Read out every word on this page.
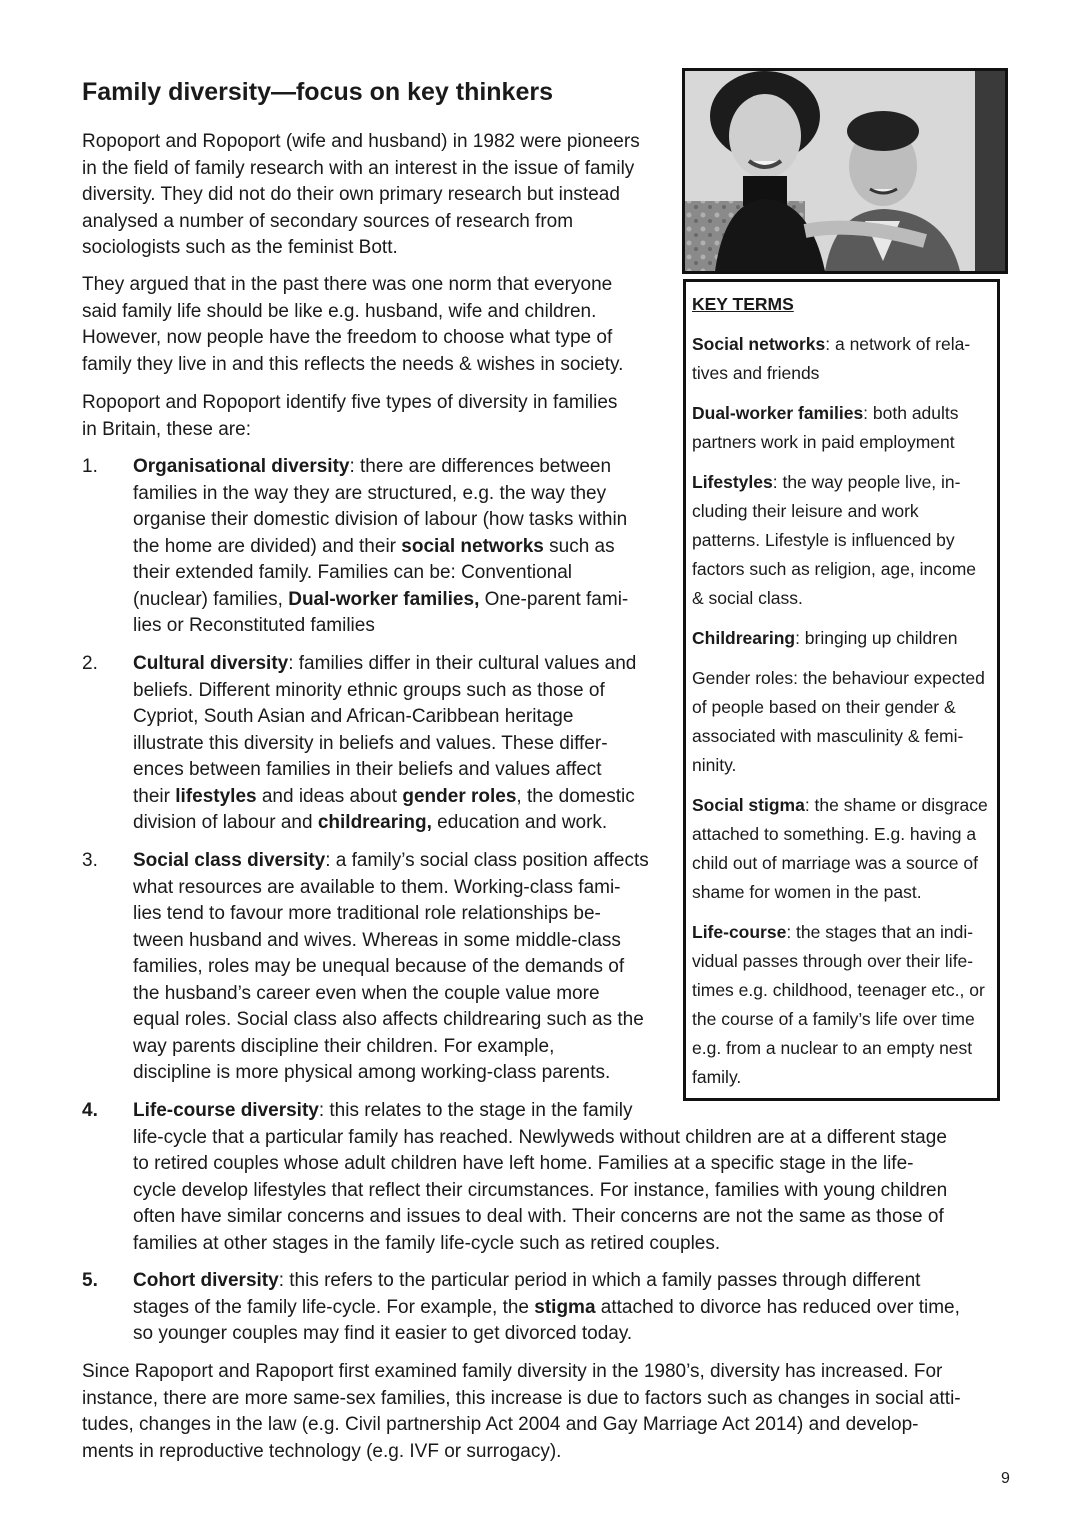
Family diversity—focus on key thinkers

Ropoport and Ropoport (wife and husband) in 1982 were pioneers
in the field of family research with an interest in the issue of family
diversity. They did not do their own primary research but instead
analysed a number of secondary sources of research from
sociologists such as the feminist Bott.

They argued that in the past there was one norm that everyone
said family life should be like e.g. husband, wife and children.
However, now people have the freedom to choose what type of
family they live in and this reflects the needs & wishes in society.

Ropoport and Ropoport identify five types of diversity in families
in Britain, these are:

KEY TERMS

Social networks: a network of rela-
tives and friends

Dual-worker families: both adults
partners work in paid employment

Lifestyles: the way people live, in-
cluding their leisure and work
patterns. Lifestyle is influenced by
factors such as religion, age, income
& social class.

Childrearing: bringing up children

Gender roles: the behaviour expected
of people based on their gender &
associated with masculinity & femi-
ninity.

Social stigma: the shame or disgrace
attached to something. E.g. having a
child out of marriage was a source of
shame for women in the past.

Life-course: the stages that an indi-
vidual passes through over their life-
times e.g. childhood, teenager etc., or
the course of a family’s life over time
e.g. from a nuclear to an empty nest
family.

1.	Organisational diversity: there are differences between
families in the way they are structured, e.g. the way they
organise their domestic division of labour (how tasks within
the home are divided) and their social networks such as
their extended family. Families can be: Conventional
(nuclear) families, Dual-worker families, One-parent fami-
lies or Reconstituted families

2.	Cultural diversity: families differ in their cultural values and
beliefs. Different minority ethnic groups such as those of
Cypriot, South Asian and African-Caribbean heritage
illustrate this diversity in beliefs and values. These differ-
ences between families in their beliefs and values affect
their lifestyles and ideas about gender roles, the domestic
division of labour and childrearing, education and work.

3.	Social class diversity: a family’s social class position affects
what resources are available to them. Working-class fami-
lies tend to favour more traditional role relationships be-
tween husband and wives. Whereas in some middle-class
families, roles may be unequal because of the demands of
the husband’s career even when the couple value more
equal roles. Social class also affects childrearing such as the
way parents discipline their children. For example,
discipline is more physical among working-class parents.

4.	Life-course diversity: this relates to the stage in the family
life-cycle that a particular family has reached. Newlyweds without children are at a different stage
to retired couples whose adult children have left home. Families at a specific stage in the life-
cycle develop lifestyles that reflect their circumstances. For instance, families with young children
often have similar concerns and issues to deal with. Their concerns are not the same as those of
families at other stages in the family life-cycle such as retired couples.

5.	Cohort diversity: this refers to the particular period in which a family passes through different
stages of the family life-cycle. For example, the stigma attached to divorce has reduced over time,
so younger couples may find it easier to get divorced today.

Since Rapoport and Rapoport first examined family diversity in the 1980’s, diversity has increased. For
instance, there are more same-sex families, this increase is due to factors such as changes in social atti-
tudes, changes in the law (e.g. Civil partnership Act 2004 and Gay Marriage Act 2014) and develop-
ments in reproductive technology (e.g. IVF or surrogacy).

9
